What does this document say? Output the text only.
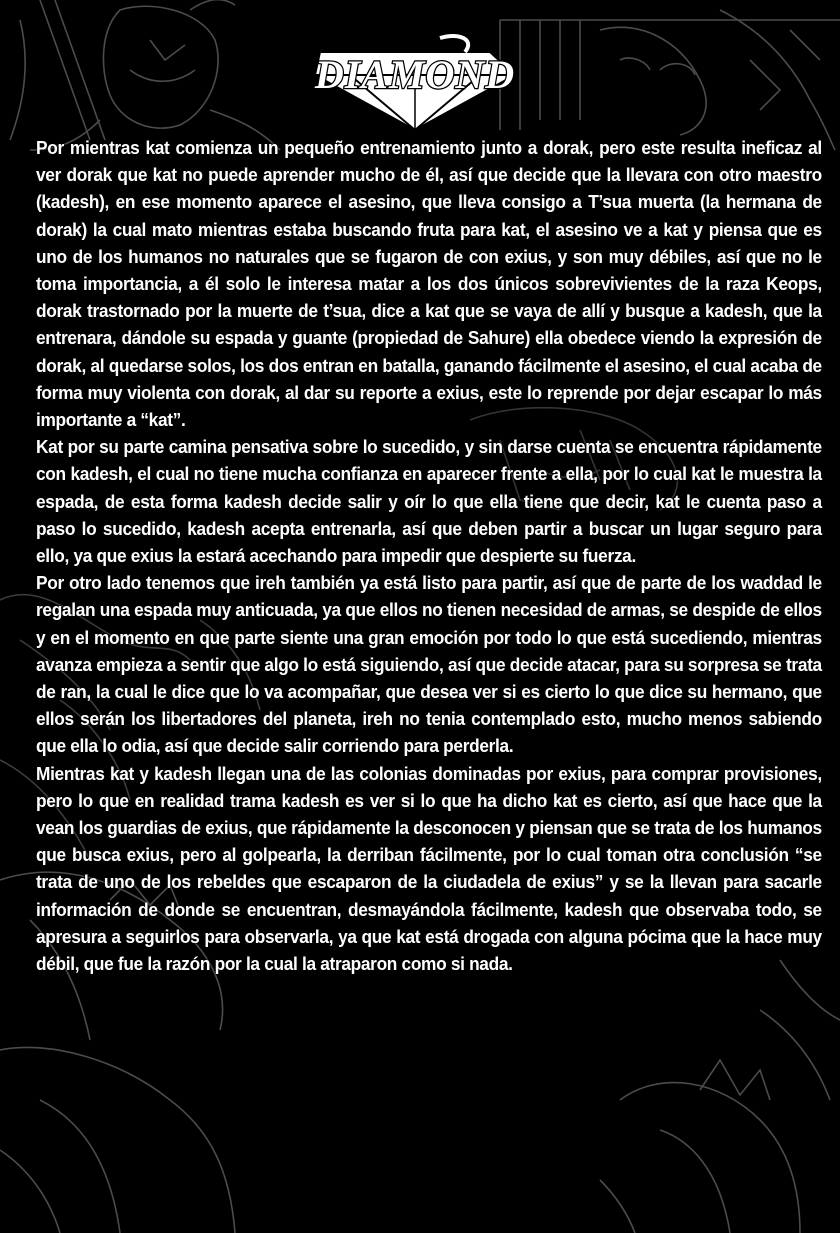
DIAMOND

Por mientras kat comienza un pequeño entrenamiento junto a dorak, pero este resulta ineficaz al ver dorak que kat no puede aprender mucho de él, así que decide que la llevara con otro maestro (kadesh), en ese momento aparece el asesino, que lleva consigo a T’sua muerta (la hermana de dorak) la cual mato mientras estaba buscando fruta para kat, el asesino ve a kat y piensa que es uno de los humanos no naturales que se fugaron de con exius, y son muy débiles, así que no le toma importancia, a él solo le interesa matar a los dos únicos sobrevivientes de la raza Keops, dorak trastornado por la muerte de t’sua, dice a kat que se vaya de allí y busque a kadesh, que la entrenara, dándole su espada y guante (propiedad de Sahure) ella obedece viendo la expresión de dorak, al quedarse solos, los dos entran en batalla, ganando fácilmente el asesino, el cual acaba de forma muy violenta con dorak, al dar su reporte a exius, este lo reprende por dejar escapar lo más importante a “kat”.

Kat por su parte camina pensativa sobre lo sucedido, y sin darse cuenta se encuentra rápidamente con kadesh, el cual no tiene mucha confianza en aparecer frente a ella, por lo cual kat le muestra la espada, de esta forma kadesh decide salir y oír lo que ella tiene que decir, kat le cuenta paso a paso lo sucedido, kadesh acepta entrenarla, así que deben partir a buscar un lugar seguro para ello, ya que exius la estará acechando para impedir que despierte su fuerza.

Por otro lado tenemos que ireh también ya está listo para partir, así que de parte de los waddad le regalan una espada muy anticuada, ya que ellos no tienen necesidad de armas, se despide de ellos y en el momento en que parte siente una gran emoción por todo lo que está sucediendo, mientras avanza empieza a sentir que algo lo está siguiendo, así que decide atacar, para su sorpresa se trata de ran, la cual le dice que lo va acompañar, que desea ver si es cierto lo que dice su hermano, que ellos serán los libertadores del planeta, ireh no tenia contemplado esto, mucho menos sabiendo que ella lo odia, así que decide salir corriendo para perderla.

Mientras kat y kadesh llegan una de las colonias dominadas por exius, para comprar provisiones, pero lo que en realidad trama kadesh es ver si lo que ha dicho kat es cierto, así que hace que la vean los guardias de exius, que rápidamente la desconocen y piensan que se trata de los humanos que busca exius, pero al golpearla, la derriban fácilmente, por lo cual toman otra conclusión “se trata de uno de los rebeldes que escaparon de la ciudadela de exius” y se la llevan para sacarle información de donde se encuentran, desmayándola fácilmente, kadesh que observaba todo, se apresura a seguirlos para observarla, ya que kat está drogada con alguna pócima que la hace muy débil, que fue la razón por la cual la atraparon como si nada.
